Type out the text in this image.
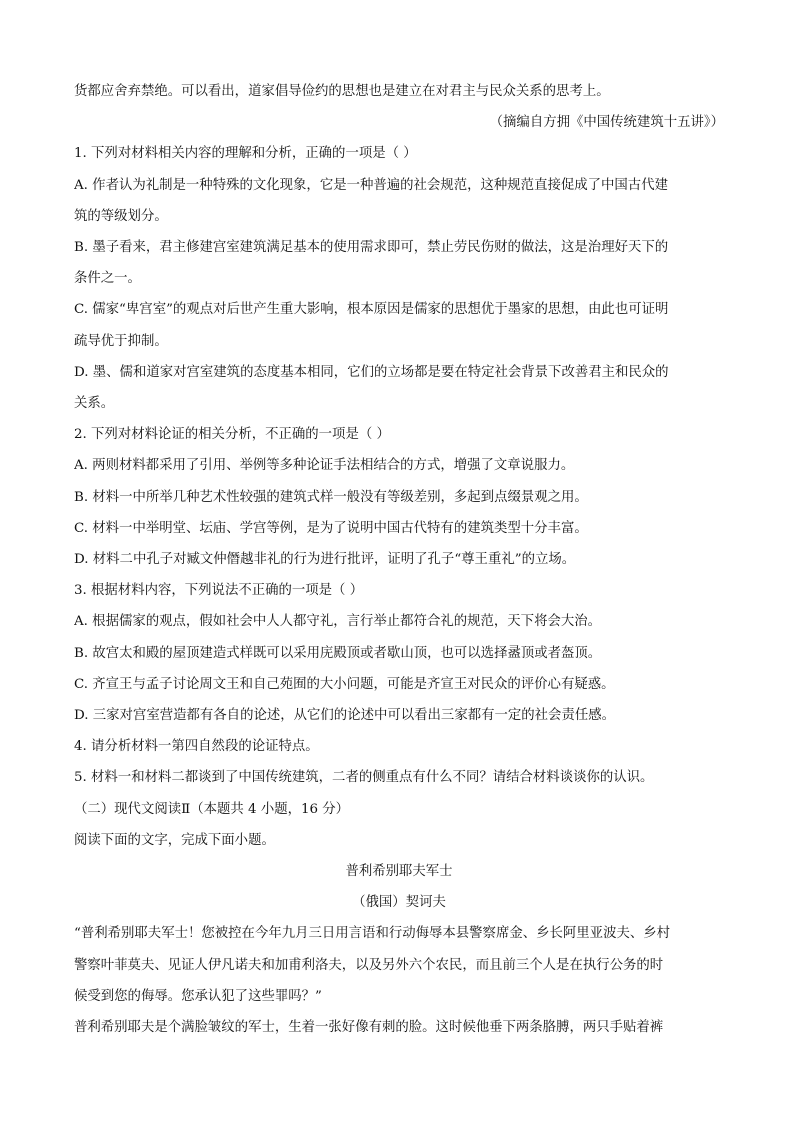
货都应舍弃禁绝。可以看出，道家倡导俭约的思想也是建立在对君主与民众关系的思考上。
（摘编自方拥《中国传统建筑十五讲》）
1. 下列对材料相关内容的理解和分析，正确的一项是（ ）
A. 作者认为礼制是一种特殊的文化现象，它是一种普遍的社会规范，这种规范直接促成了中国古代建
筑的等级划分。
B. 墨子看来，君主修建宫室建筑满足基本的使用需求即可，禁止劳民伤财的做法，这是治理好天下的
条件之一。
C. 儒家“卑宫室”的观点对后世产生重大影响，根本原因是儒家的思想优于墨家的思想，由此也可证明
疏导优于抑制。
D. 墨、儒和道家对宫室建筑的态度基本相同，它们的立场都是要在特定社会背景下改善君主和民众的
关系。
2. 下列对材料论证的相关分析，不正确的一项是（ ）
A. 两则材料都采用了引用、举例等多种论证手法相结合的方式，增强了文章说服力。
B. 材料一中所举几种艺术性较强的建筑式样一般没有等级差别，多起到点缀景观之用。
C. 材料一中举明堂、坛庙、学宫等例，是为了说明中国古代特有的建筑类型十分丰富。
D. 材料二中孔子对臧文仲僭越非礼的行为进行批评，证明了孔子“尊王重礼”的立场。
3. 根据材料内容，下列说法不正确的一项是（ ）
A. 根据儒家的观点，假如社会中人人都守礼，言行举止都符合礼的规范，天下将会大治。
B. 故宫太和殿的屋顶建造式样既可以采用庑殿顶或者歇山顶，也可以选择盝顶或者盔顶。
C. 齐宣王与孟子讨论周文王和自己苑囿的大小问题，可能是齐宣王对民众的评价心有疑惑。
D. 三家对宫室营造都有各自的论述，从它们的论述中可以看出三家都有一定的社会责任感。
4. 请分析材料一第四自然段的论证特点。
5. 材料一和材料二都谈到了中国传统建筑，二者的侧重点有什么不同？请结合材料谈谈你的认识。
（二）现代文阅读Ⅱ（本题共 4 小题，16 分）
阅读下面的文字，完成下面小题。
普利希别耶夫军士
（俄国）契诃夫
“普利希别耶夫军士！您被控在今年九月三日用言语和行动侮辱本县警察席金、乡长阿里亚波夫、乡村
警察叶菲莫夫、见证人伊凡诺夫和加甫利洛夫，以及另外六个农民，而且前三个人是在执行公务的时
候受到您的侮辱。您承认犯了这些罪吗？”
普利希别耶夫是个满脸皱纹的军士，生着一张好像有刺的脸。这时候他垂下两条胳膊，两只手贴着裤
